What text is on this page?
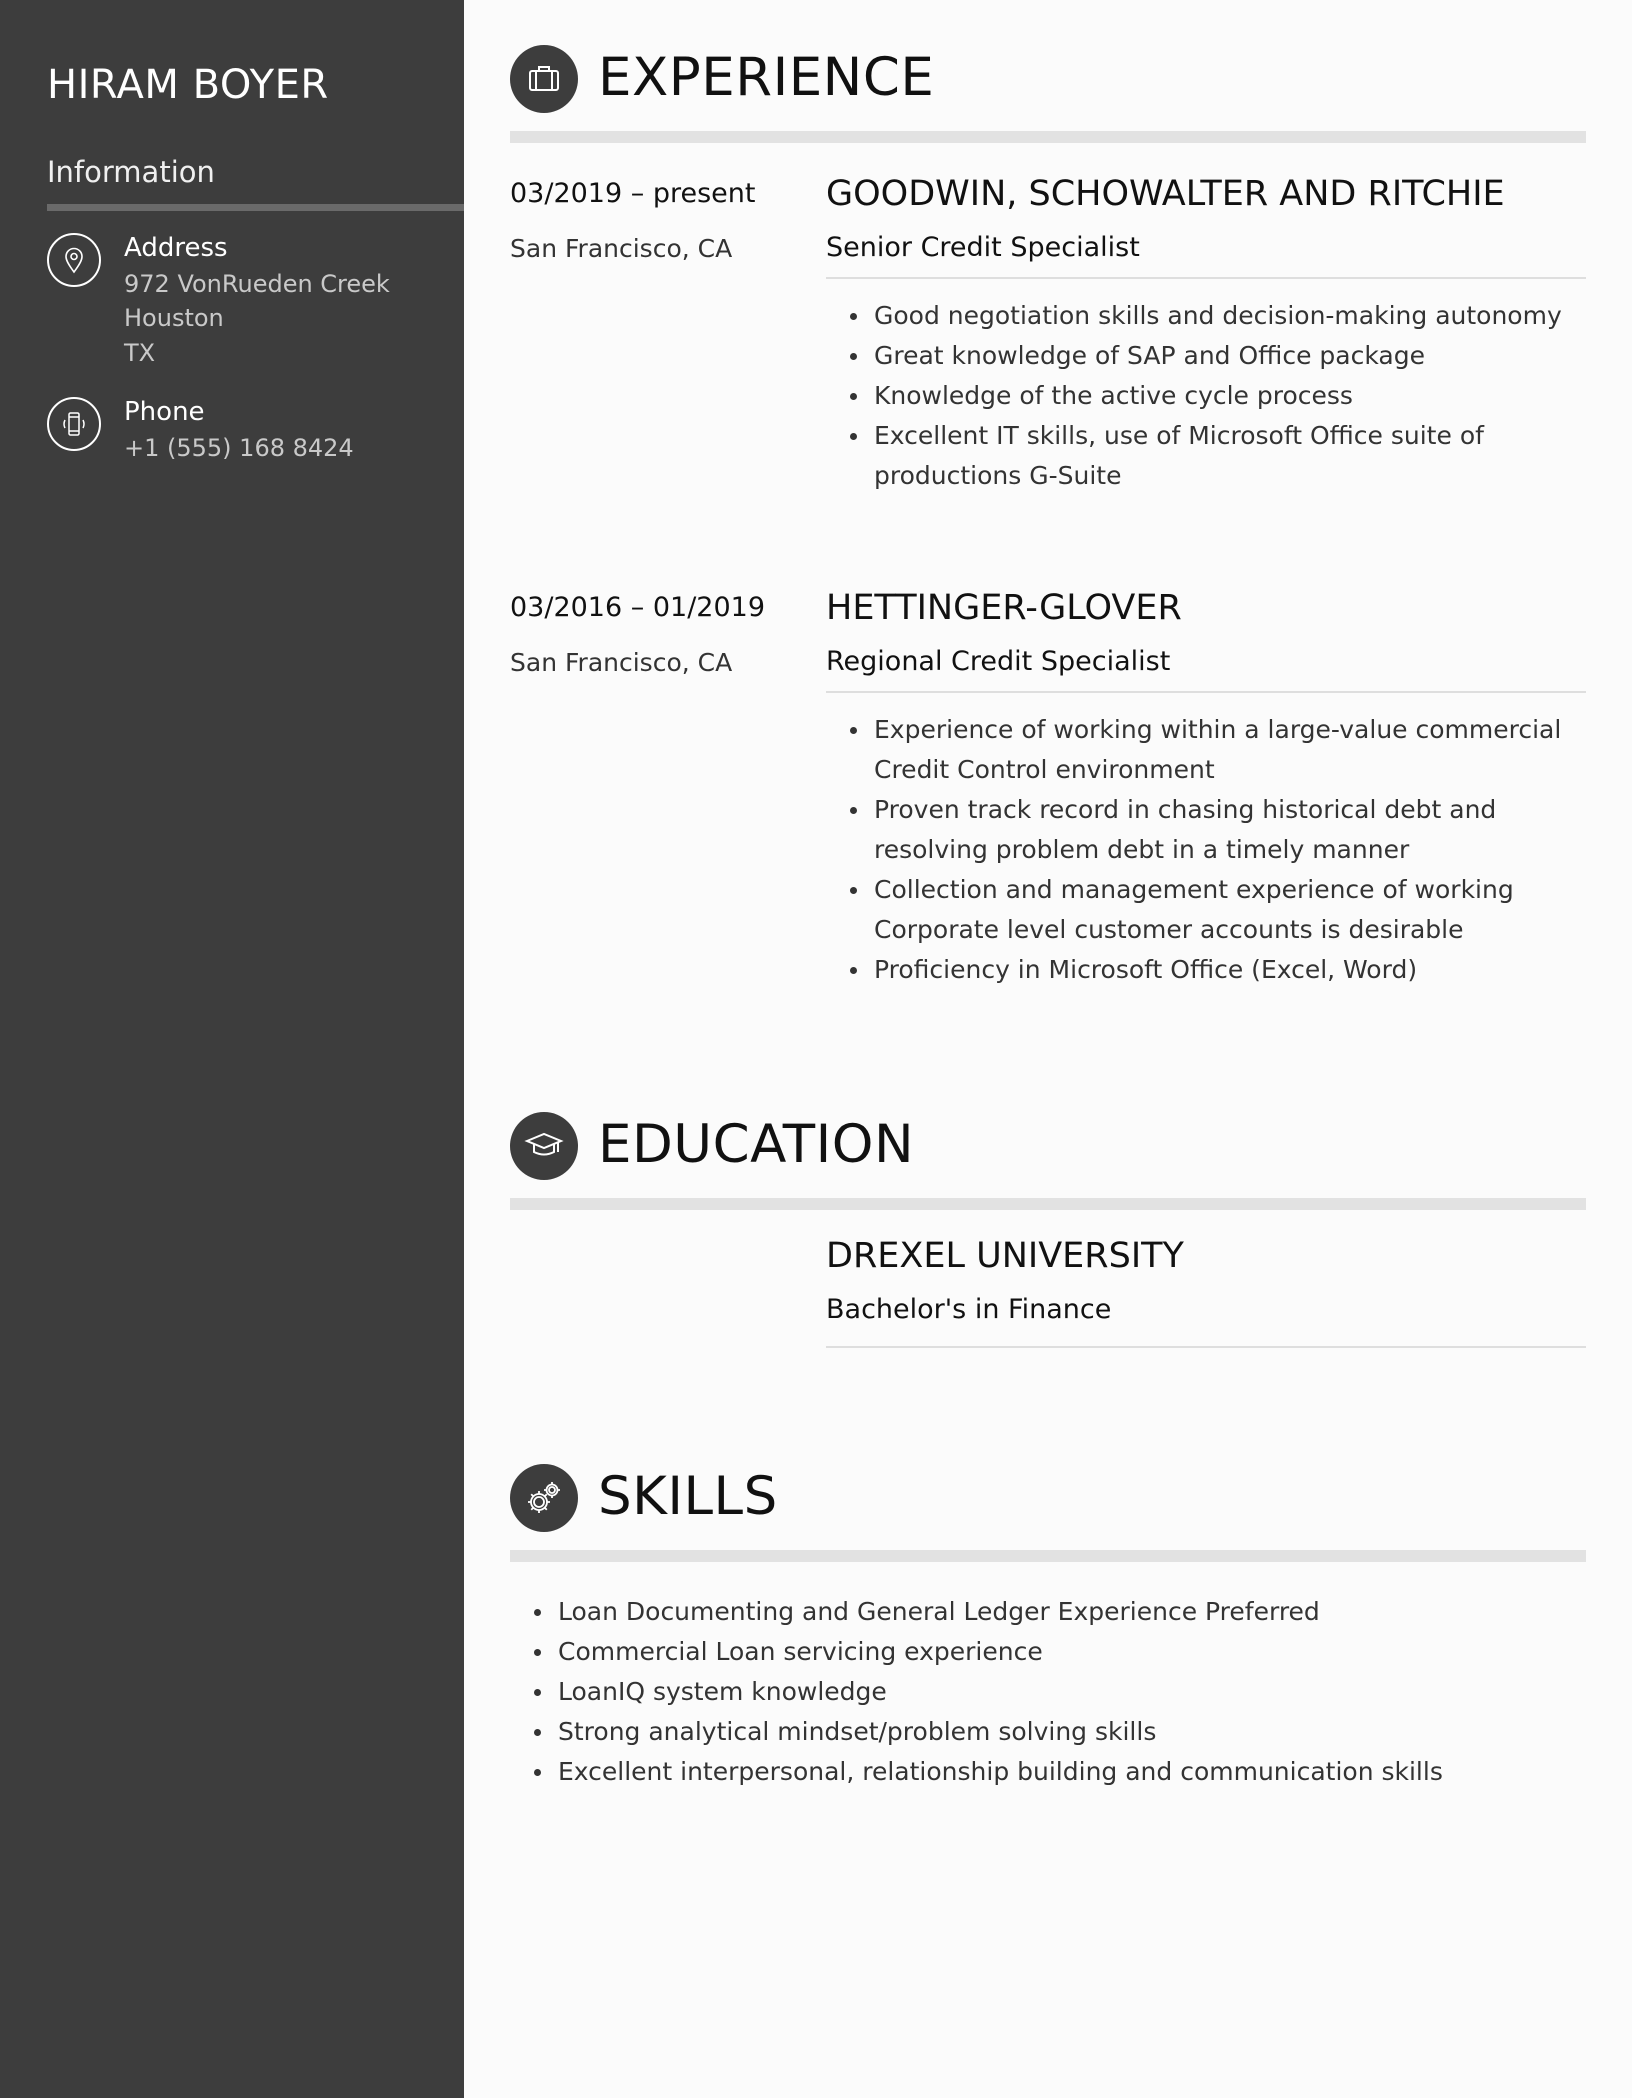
HIRAM BOYER
Information
Address
972 VonRueden Creek
Houston
TX
Phone
+1 (555) 168 8424
EXPERIENCE
03/2019 – present
San Francisco, CA
GOODWIN, SCHOWALTER AND RITCHIE
Senior Credit Specialist
Good negotiation skills and decision-making autonomy
Great knowledge of SAP and Office package
Knowledge of the active cycle process
Excellent IT skills, use of Microsoft Office suite of productions G-Suite
03/2016 – 01/2019
San Francisco, CA
HETTINGER-GLOVER
Regional Credit Specialist
Experience of working within a large-value commercial Credit Control environment
Proven track record in chasing historical debt and resolving problem debt in a timely manner
Collection and management experience of working Corporate level customer accounts is desirable
Proficiency in Microsoft Office (Excel, Word)
EDUCATION
DREXEL UNIVERSITY
Bachelor's in Finance
SKILLS
Loan Documenting and General Ledger Experience Preferred
Commercial Loan servicing experience
LoanIQ system knowledge
Strong analytical mindset/problem solving skills
Excellent interpersonal, relationship building and communication skills
